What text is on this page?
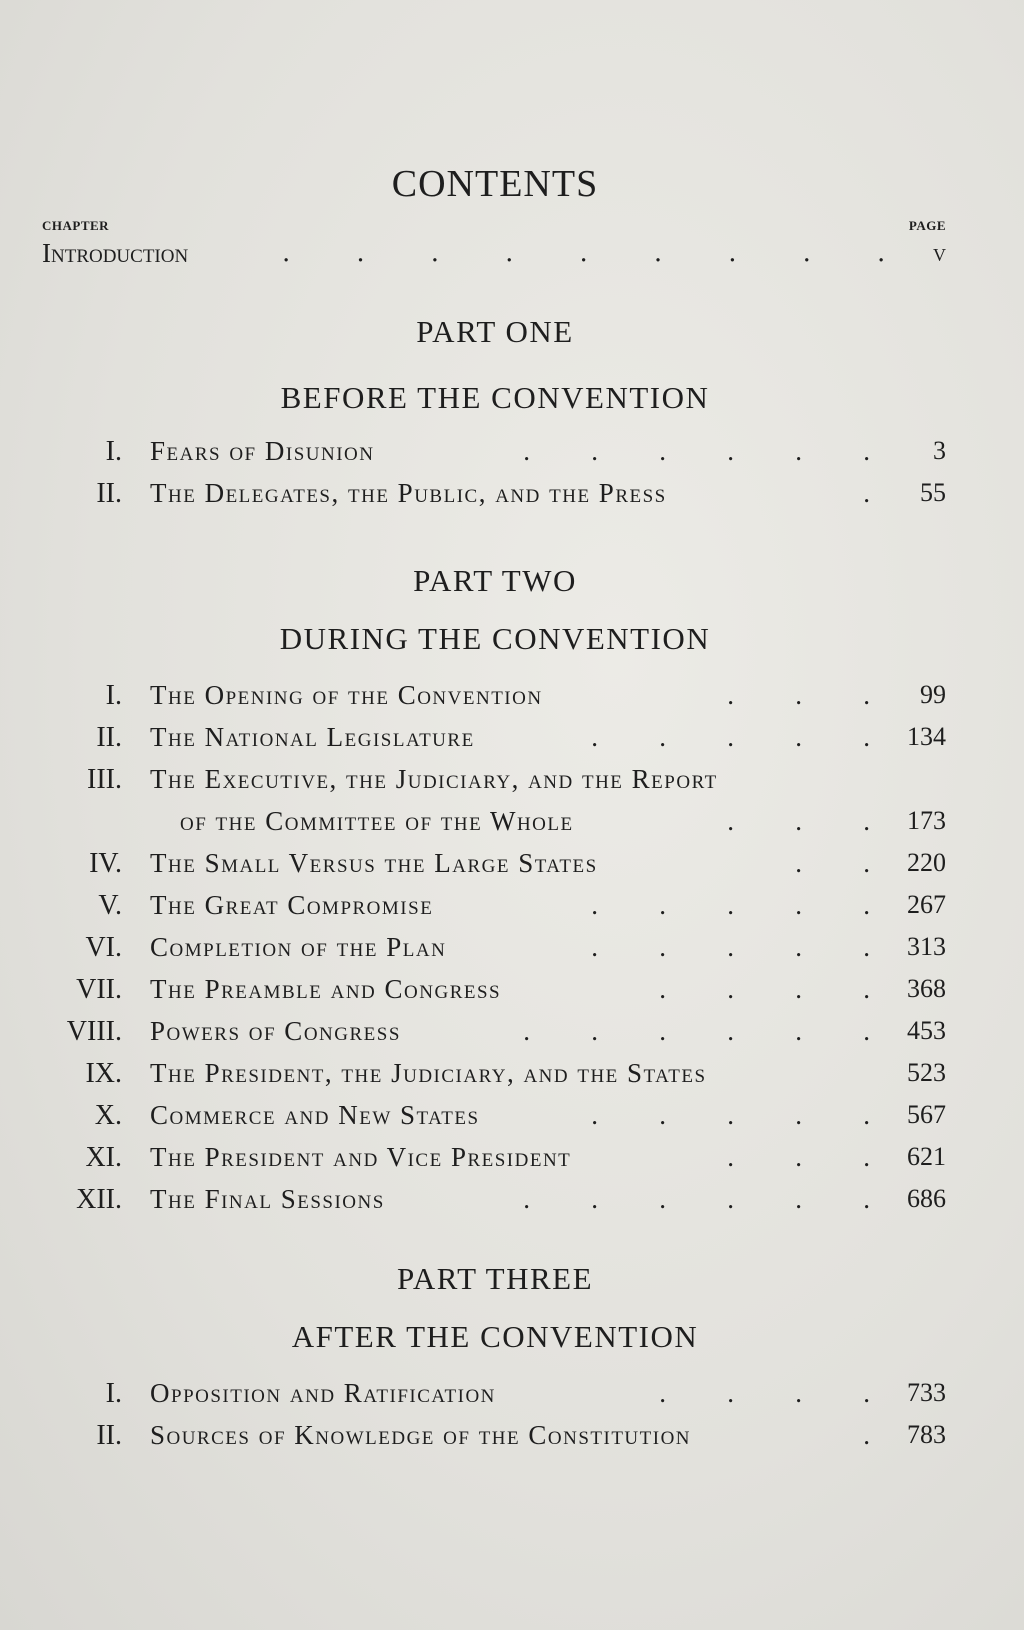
CONTENTS
CHAPTER	PAGE
Introduction	.        .        .        .        .        .        .        .        . v
PART ONE
BEFORE THE CONVENTION
I. Fears of Disunion	. . . . . . 3
II. The Delegates, the Public, and the Press	. 55
PART TWO
DURING THE CONVENTION
I. The Opening of the Convention	. . . 99
II. The National Legislature	. . . . . 134
III. The Executive, the Judiciary, and the Report
of the Committee of the Whole	. . . 173
IV. The Small Versus the Large States	. . 220
V. The Great Compromise	. . . . . 267
VI. Completion of the Plan	. . . . . 313
VII. The Preamble and Congress	. . . . 368
VIII. Powers of Congress	. . . . . . 453
IX. The President, the Judiciary, and the States	523
X. Commerce and New States	. . . . . 567
XI. The President and Vice President	. . . 621
XII. The Final Sessions	. . . . . . 686
PART THREE
AFTER THE CONVENTION
I. Opposition and Ratification	. . . . 733
II. Sources of Knowledge of the Constitution	. 783
